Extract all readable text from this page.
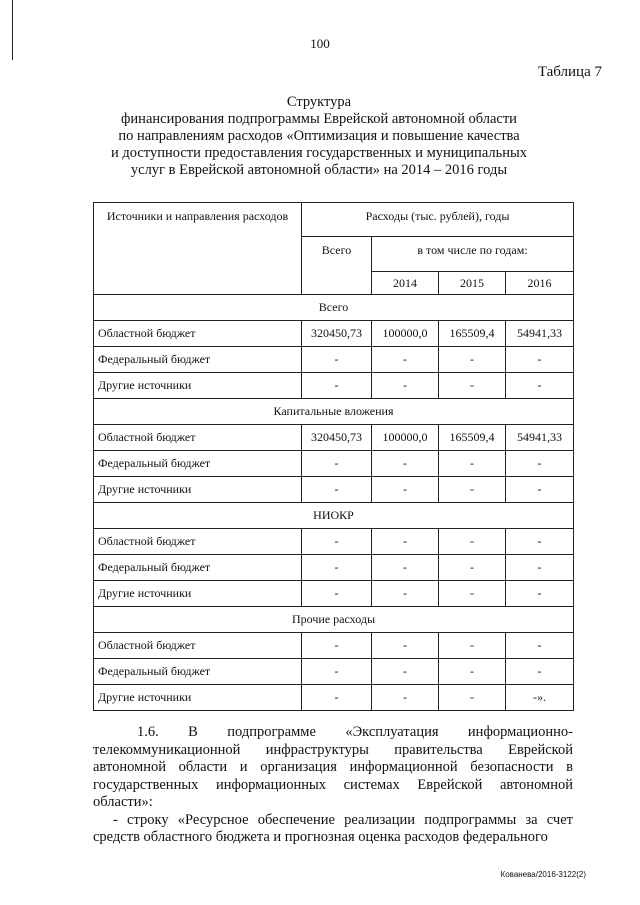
100
Таблица 7
Структура
финансирования подпрограммы Еврейской автономной области
по направлениям расходов «Оптимизация и повышение качества
и доступности предоставления государственных и муниципальных
услуг в Еврейской автономной области» на 2014 – 2016 годы
Источники и направления расходов	Расходы (тыс. рублей), годы			
	Всего	в том числе по годам:		
		2014	2015	2016
Всего				
Областной бюджет	320450,73	100000,0	165509,4	54941,33
Федеральный бюджет	-	-	-	-
Другие источники	-	-	-	-
Капитальные вложения				
Областной бюджет	320450,73	100000,0	165509,4	54941,33
Федеральный бюджет	-	-	-	-
Другие источники	-	-	-	-
НИОКР				
Областной бюджет	-	-	-	-
Федеральный бюджет	-	-	-	-
Другие источники	-	-	-	-
Прочие расходы				
Областной бюджет	-	-	-	-
Федеральный бюджет	-	-	-	-
Другие источники	-	-	-	-».

1.6. В подпрограмме «Эксплуатация информационно-телекоммуникационной инфраструктуры правительства Еврейской автономной области и организация информационной безопасности в государственных информационных системах Еврейской автономной области»:

- строку «Ресурсное обеспечение реализации подпрограммы за счет средств областного бюджета и прогнозная оценка расходов федерального

Кованева/2016-3122(2)
